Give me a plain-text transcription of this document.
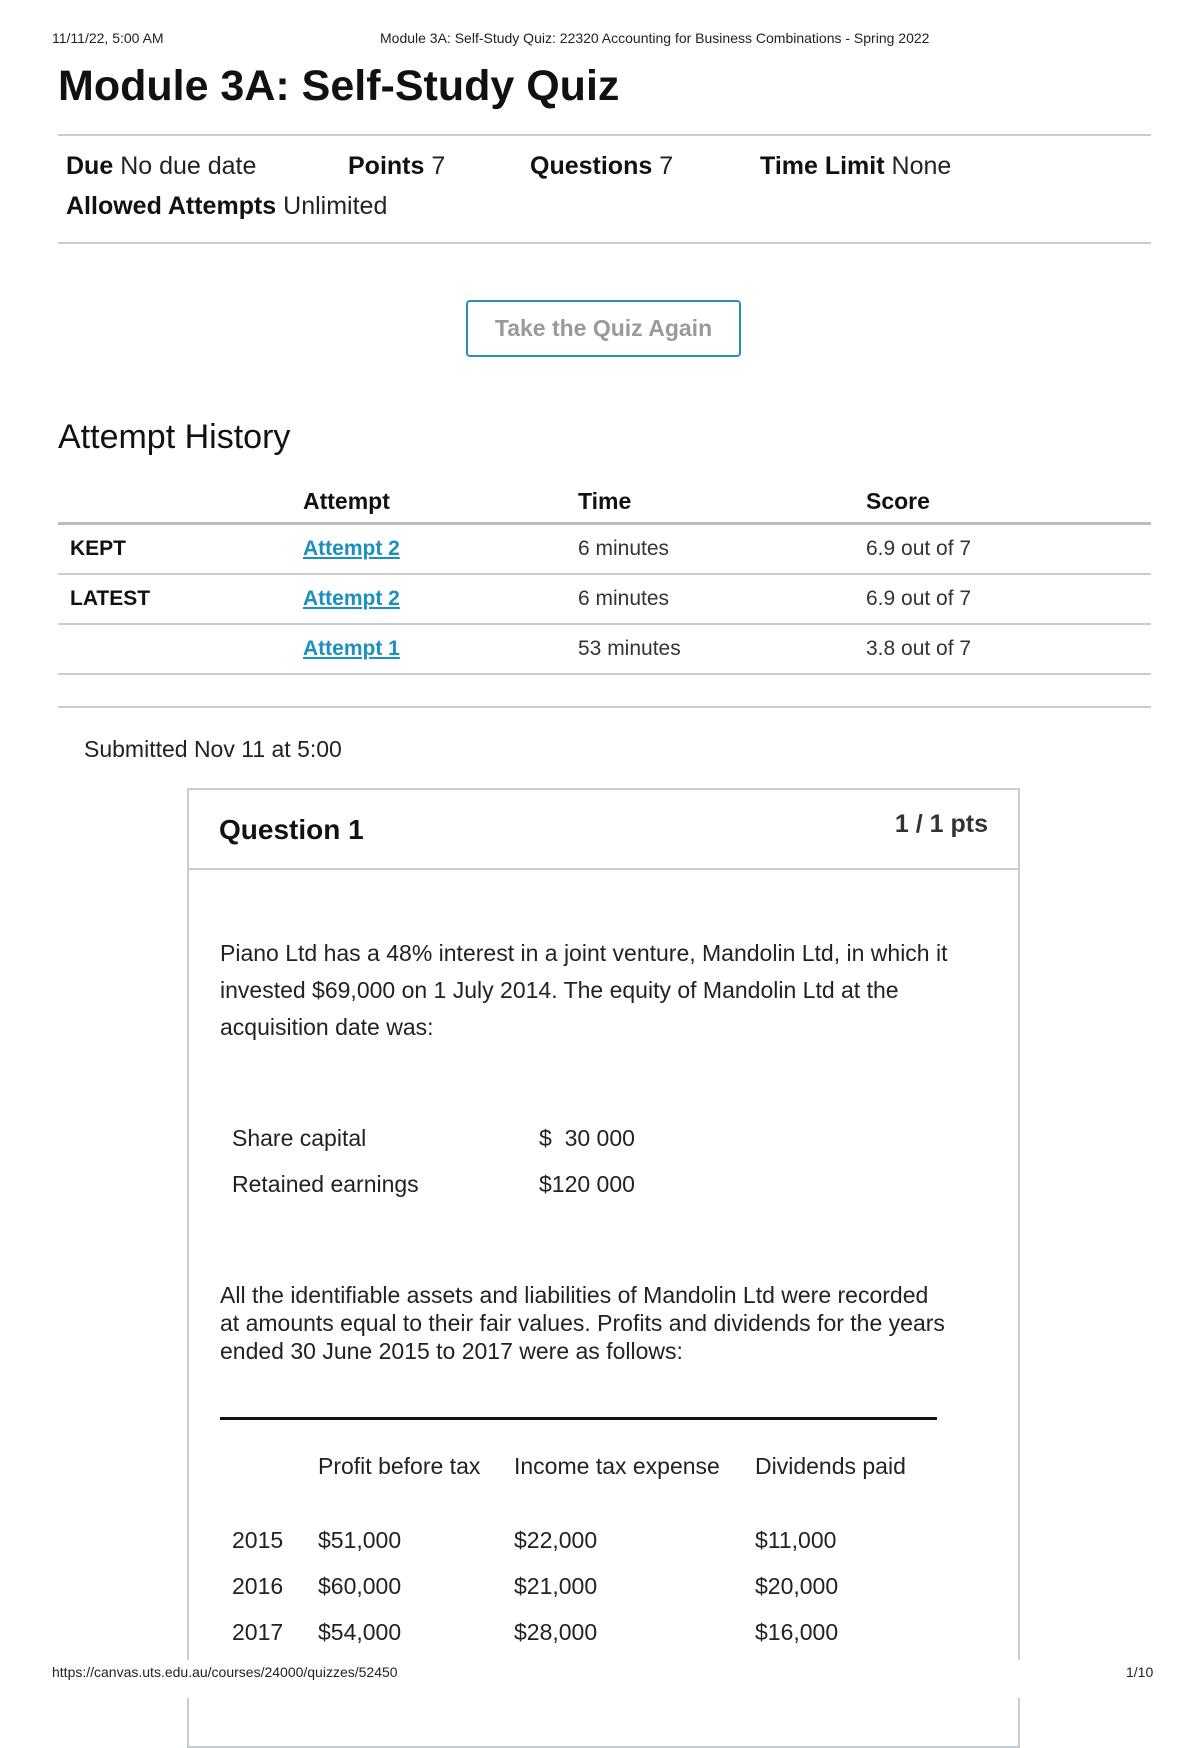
11/11/22, 5:00 AM	Module 3A: Self-Study Quiz: 22320 Accounting for Business Combinations - Spring 2022
Module 3A: Self-Study Quiz
Due No due date	Points 7	Questions 7	Time Limit None
Allowed Attempts Unlimited
Take the Quiz Again
Attempt History
	Attempt	Time	Score
KEPT	Attempt 2	6 minutes	6.9 out of 7
LATEST	Attempt 2	6 minutes	6.9 out of 7
	Attempt 1	53 minutes	3.8 out of 7
Submitted Nov 11 at 5:00
Question 1	1 / 1 pts
Piano Ltd has a 48% interest in a joint venture, Mandolin Ltd, in which it
invested $69,000 on 1 July 2014. The equity of Mandolin Ltd at the
acquisition date was:
Share capital	$  30 000
Retained earnings	$120 000
All the identifiable assets and liabilities of Mandolin Ltd were recorded
at amounts equal to their fair values. Profits and dividends for the years
ended 30 June 2015 to 2017 were as follows:
	Profit before tax	Income tax expense	Dividends paid
2015	$51,000	$22,000	$11,000
2016	$60,000	$21,000	$20,000
2017	$54,000	$28,000	$16,000
https://canvas.uts.edu.au/courses/24000/quizzes/52450	1/10
